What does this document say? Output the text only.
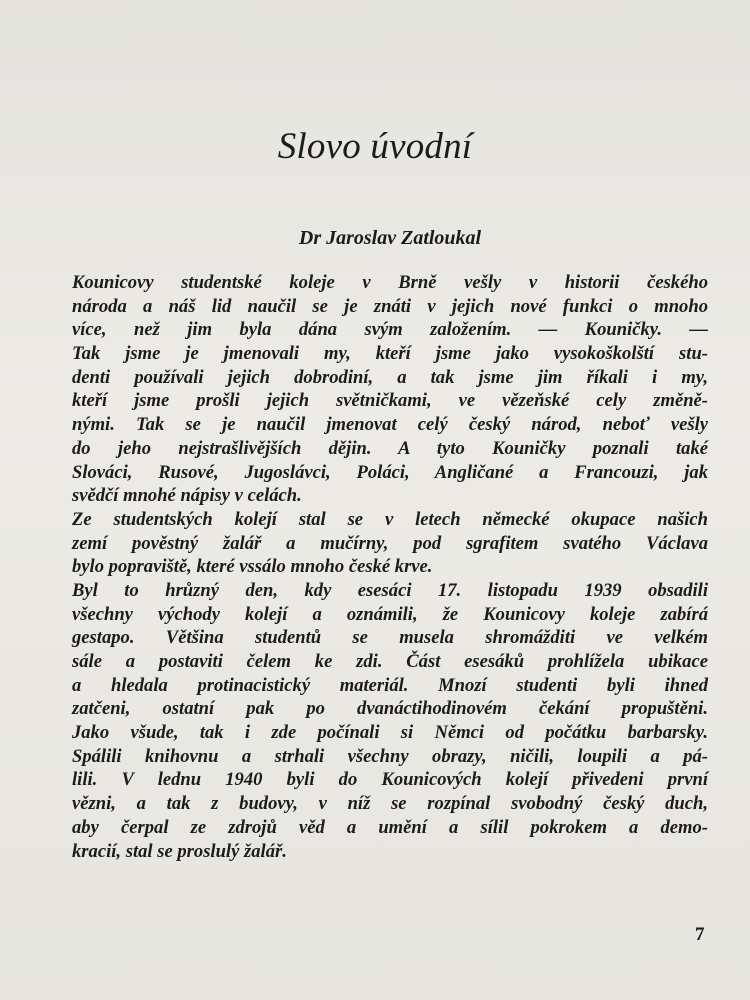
Slovo úvodní
Dr Jaroslav Zatloukal

Kounicovy studentské koleje v Brně vešly v historii českého
národa a náš lid naučil se je znáti v jejich nové funkci o mnoho
více, než jim byla dána svým založením. — Kouničky. —
Tak jsme je jmenovali my, kteří jsme jako vysokoškolští stu-
denti používali jejich dobrodiní, a tak jsme jim říkali i my,
kteří jsme prošli jejich světničkami, ve vězeňské cely změně-
nými. Tak se je naučil jmenovat celý český národ, neboť vešly
do jeho nejstrašlivějších dějin. A tyto Kouničky poznali také
Slováci, Rusové, Jugoslávci, Poláci, Angličané a Francouzi, jak
svědčí mnohé nápisy v celách.

Ze studentských kolejí stal se v letech německé okupace našich
zemí pověstný žalář a mučírny, pod sgrafitem svatého Václava
bylo popraviště, které vssálo mnoho české krve.

Byl to hrůzný den, kdy esesáci 17. listopadu 1939 obsadili
všechny východy kolejí a oznámili, že Kounicovy koleje zabírá
gestapo. Většina studentů se musela shromážditi ve velkém
sále a postaviti čelem ke zdi. Část esesáků prohlížela ubikace
a hledala protinacistický materiál. Mnozí studenti byli ihned
zatčeni, ostatní pak po dvanáctihodinovém čekání propuštěni.
Jako všude, tak i zde počínali si Němci od počátku barbarsky.
Spálili knihovnu a strhali všechny obrazy, ničili, loupili a pá-
lili. V lednu 1940 byli do Kounicových kolejí přivedeni první
vězni, a tak z budovy, v níž se rozpínal svobodný český duch,
aby čerpal ze zdrojů věd a umění a sílil pokrokem a demo-
kracií, stal se proslulý žalář.

7
